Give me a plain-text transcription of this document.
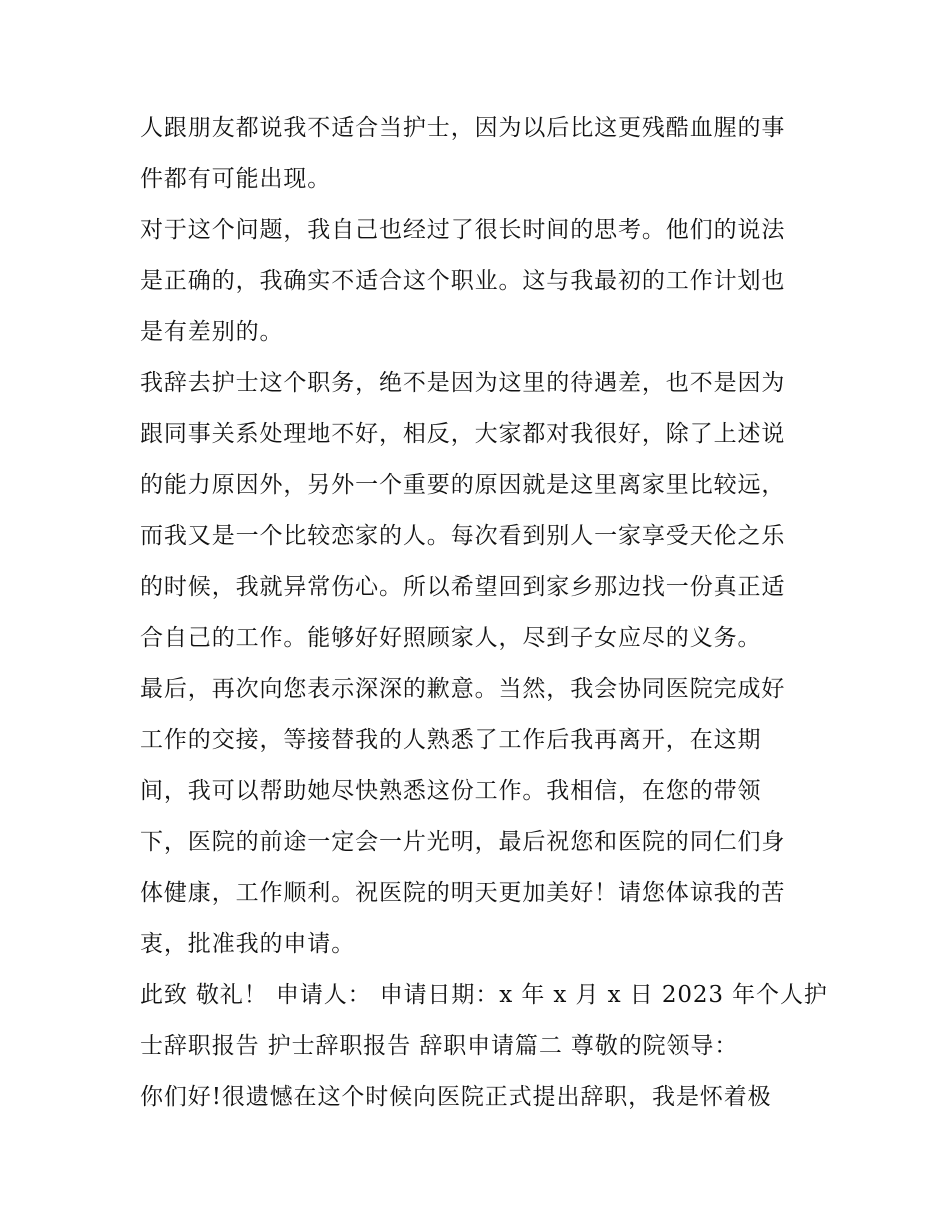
人跟朋友都说我不适合当护士，因为以后比这更残酷血腥的事
件都有可能出现。
对于这个问题，我自己也经过了很长时间的思考。他们的说法
是正确的，我确实不适合这个职业。这与我最初的工作计划也
是有差别的。
我辞去护士这个职务，绝不是因为这里的待遇差，也不是因为
跟同事关系处理地不好，相反，大家都对我很好，除了上述说
的能力原因外，另外一个重要的原因就是这里离家里比较远，
而我又是一个比较恋家的人。每次看到别人一家享受天伦之乐
的时候，我就异常伤心。所以希望回到家乡那边找一份真正适
合自己的工作。能够好好照顾家人，尽到子女应尽的义务。
最后，再次向您表示深深的歉意。当然，我会协同医院完成好
工作的交接，等接替我的人熟悉了工作后我再离开，在这期
间，我可以帮助她尽快熟悉这份工作。我相信，在您的带领
下，医院的前途一定会一片光明，最后祝您和医院的同仁们身
体健康，工作顺利。祝医院的明天更加美好！请您体谅我的苦
衷，批准我的申请。
此致 敬礼！ 申请人： 申请日期：x 年 x 月 x 日 2023 年个人护
士辞职报告 护士辞职报告 辞职申请篇二 尊敬的院领导：
你们好!很遗憾在这个时候向医院正式提出辞职，我是怀着极
